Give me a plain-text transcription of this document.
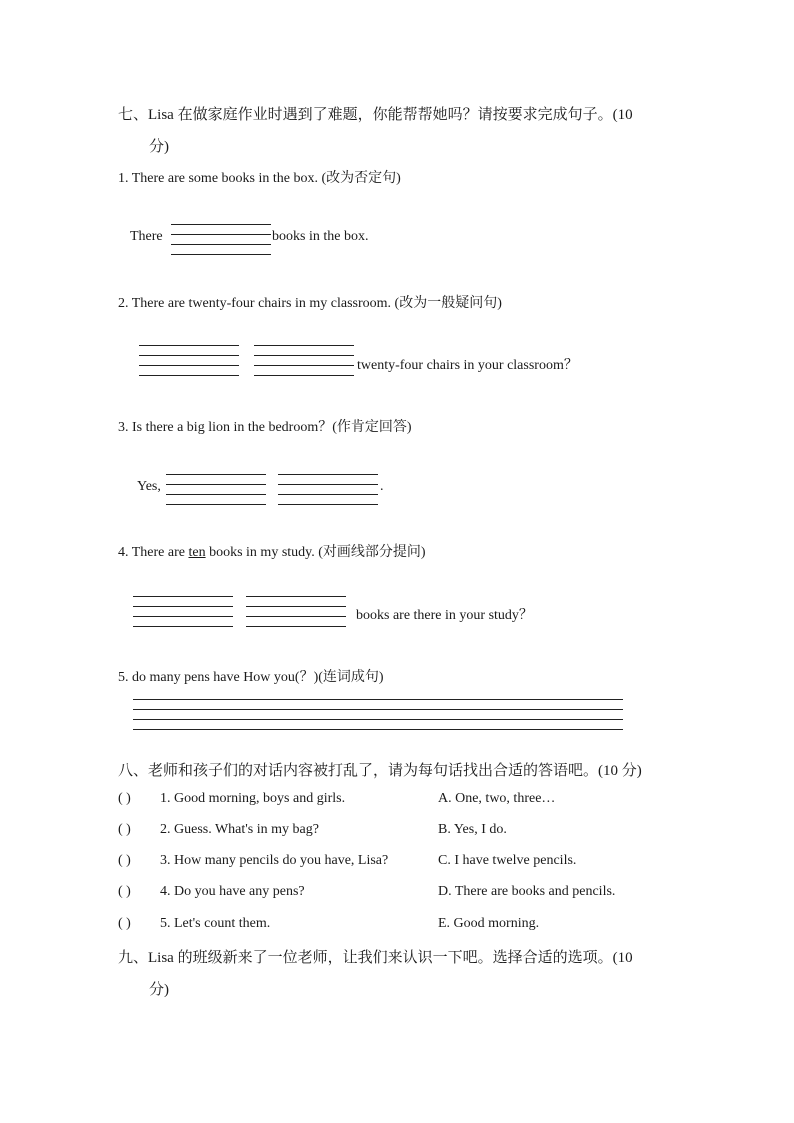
七、Lisa 在做家庭作业时遇到了难题，你能帮帮她吗？请按要求完成句子。(10
分)
1. There are some books in the box. (改为否定句)
There	books in the box.
2. There are twenty-four chairs in my classroom. (改为一般疑问句)
twenty-four chairs in your classroom？
3. Is there a big lion in the bedroom？(作肯定回答)
Yes,	.
4. There are ten books in my study. (对画线部分提问)
books are there in your study？
5. do many pens have How you(？)(连词成句)
八、老师和孩子们的对话内容被打乱了，请为每句话找出合适的答语吧。(10 分)
( ) 1. Good morning, boys and girls.	A. One, two, three…
( ) 2. Guess. What's in my bag?	B. Yes, I do.
( ) 3. How many pencils do you have, Lisa?	C. I have twelve pencils.
( ) 4. Do you have any pens?	D. There are books and pencils.
( ) 5. Let's count them.	E. Good morning.
九、Lisa 的班级新来了一位老师，让我们来认识一下吧。选择合适的选项。(10
分)
